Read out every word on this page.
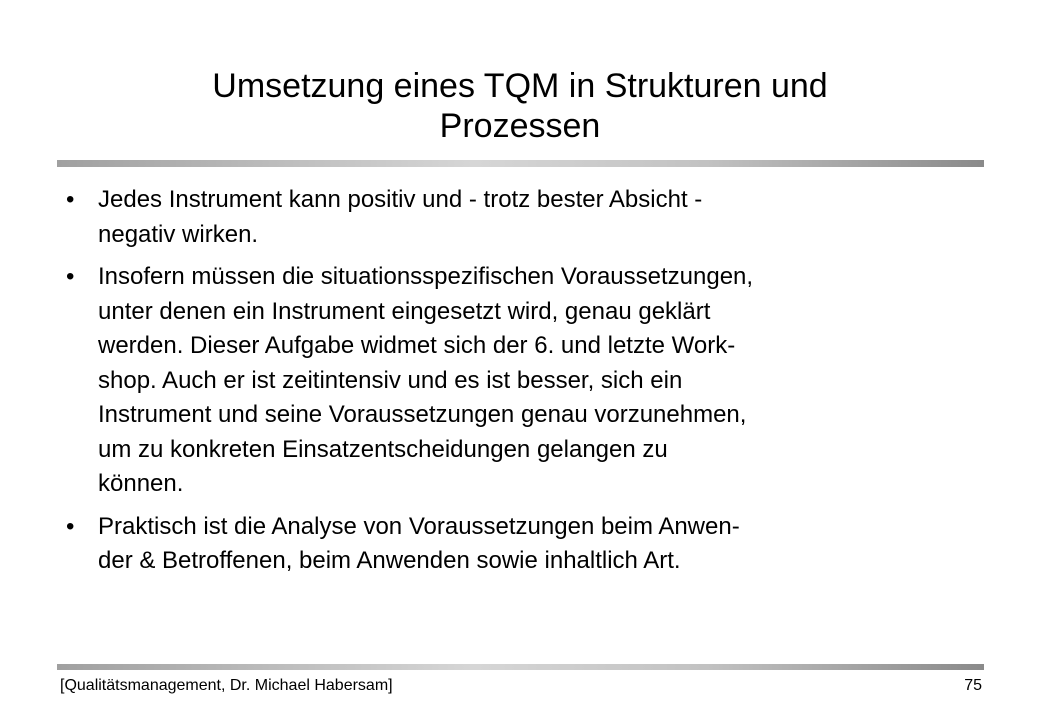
Umsetzung eines TQM in Strukturen und
Prozessen
• Jedes Instrument kann positiv und - trotz bester Absicht -
negativ wirken.
• Insofern müssen die situationsspezifischen Voraussetzungen,
unter denen ein Instrument eingesetzt wird, genau geklärt
werden. Dieser Aufgabe widmet sich der 6. und letzte Work-
shop. Auch er ist zeitintensiv und es ist besser, sich ein
Instrument und seine Voraussetzungen genau vorzunehmen,
um zu konkreten Einsatzentscheidungen gelangen zu
können.
• Praktisch ist die Analyse von Voraussetzungen beim Anwen-
der & Betroffenen, beim Anwenden sowie inhaltlich Art.
[Qualitätsmanagement, Dr. Michael Habersam]	75
